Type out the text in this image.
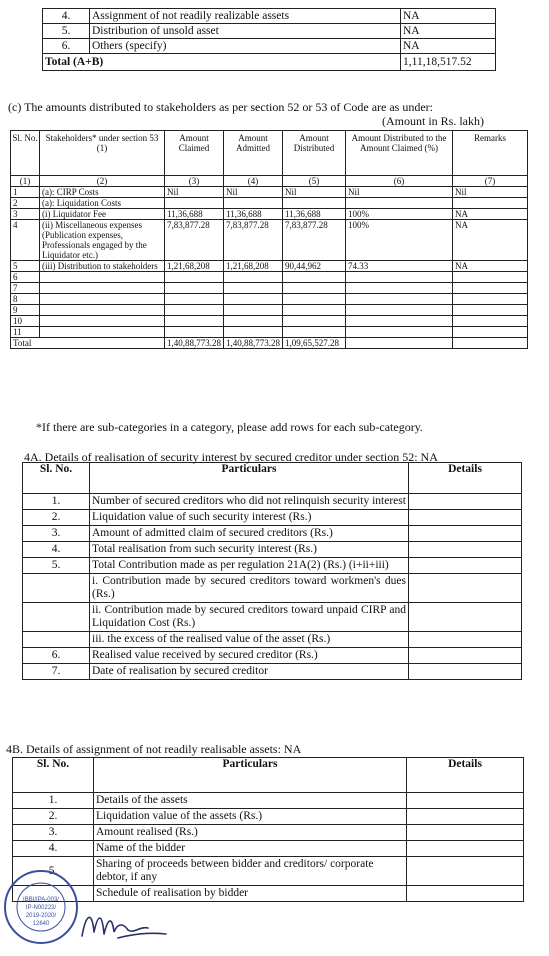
4.	Assignment of not readily realizable assets	NA
5.	Distribution of unsold asset	NA
6.	Others (specify)	NA
Total (A+B)		1,11,18,517.52
(c) The amounts distributed to stakeholders as per section 52 or 53 of Code are as under:
(Amount in Rs. lakh)
Sl. No.	Stakeholders* under section 53 (1)	Amount Claimed	Amount Admitted	Amount Distributed	Amount Distributed to the Amount Claimed (%)	Remarks
(1)	(2)	(3)	(4)	(5)	(6)	(7)
1	(a): CIRP Costs	Nil	Nil	Nil	Nil	Nil
2	(a): Liquidation Costs					
3	(i) Liquidator Fee	11,36,688	11,36,688	11,36,688	100%	NA
4	(ii) Miscellaneous expenses (Publication expenses, Professionals engaged by the Liquidator etc.)	7,83,877.28	7,83,877.28	7,83,877.28	100%	NA
5	(iii) Distribution to stakeholders	1,21,68,208	1,21,68,208	90,44,962	74.33	NA
6						
7						
8						
9						
10						
11						
Total		1,40,88,773.28	1,40,88,773.28	1,09,65,527.28		
*If there are sub-categories in a category, please add rows for each sub-category.
4A. Details of realisation of security interest by secured creditor under section 52: NA
Sl. No.	Particulars	Details
1.	Number of secured creditors who did not relinquish security interest	
2.	Liquidation value of such security interest (Rs.)	
3.	Amount of admitted claim of secured creditors (Rs.)	
4.	Total realisation from such security interest (Rs.)	
5.	Total Contribution made as per regulation 21A(2) (Rs.) (i+ii+iii)	
	i. Contribution made by secured creditors toward workmen's dues (Rs.)	
	ii. Contribution made by secured creditors toward unpaid CIRP and Liquidation Cost (Rs.)	
	iii. the excess of the realised value of the asset (Rs.)	
6.	Realised value received by secured creditor (Rs.)	
7.	Date of realisation by secured creditor	
4B. Details of assignment of not readily realisable assets: NA
Sl. No.	Particulars	Details
1.	Details of the assets	
2.	Liquidation value of the assets (Rs.)	
3.	Amount realised (Rs.)	
4.	Name of the bidder	
5.	Sharing of proceeds between bidder and creditors/ corporate debtor, if any	
	Schedule of realisation by bidder	
IBBI/IPA-003/
IP-N00223/
2019-2020/
12640
